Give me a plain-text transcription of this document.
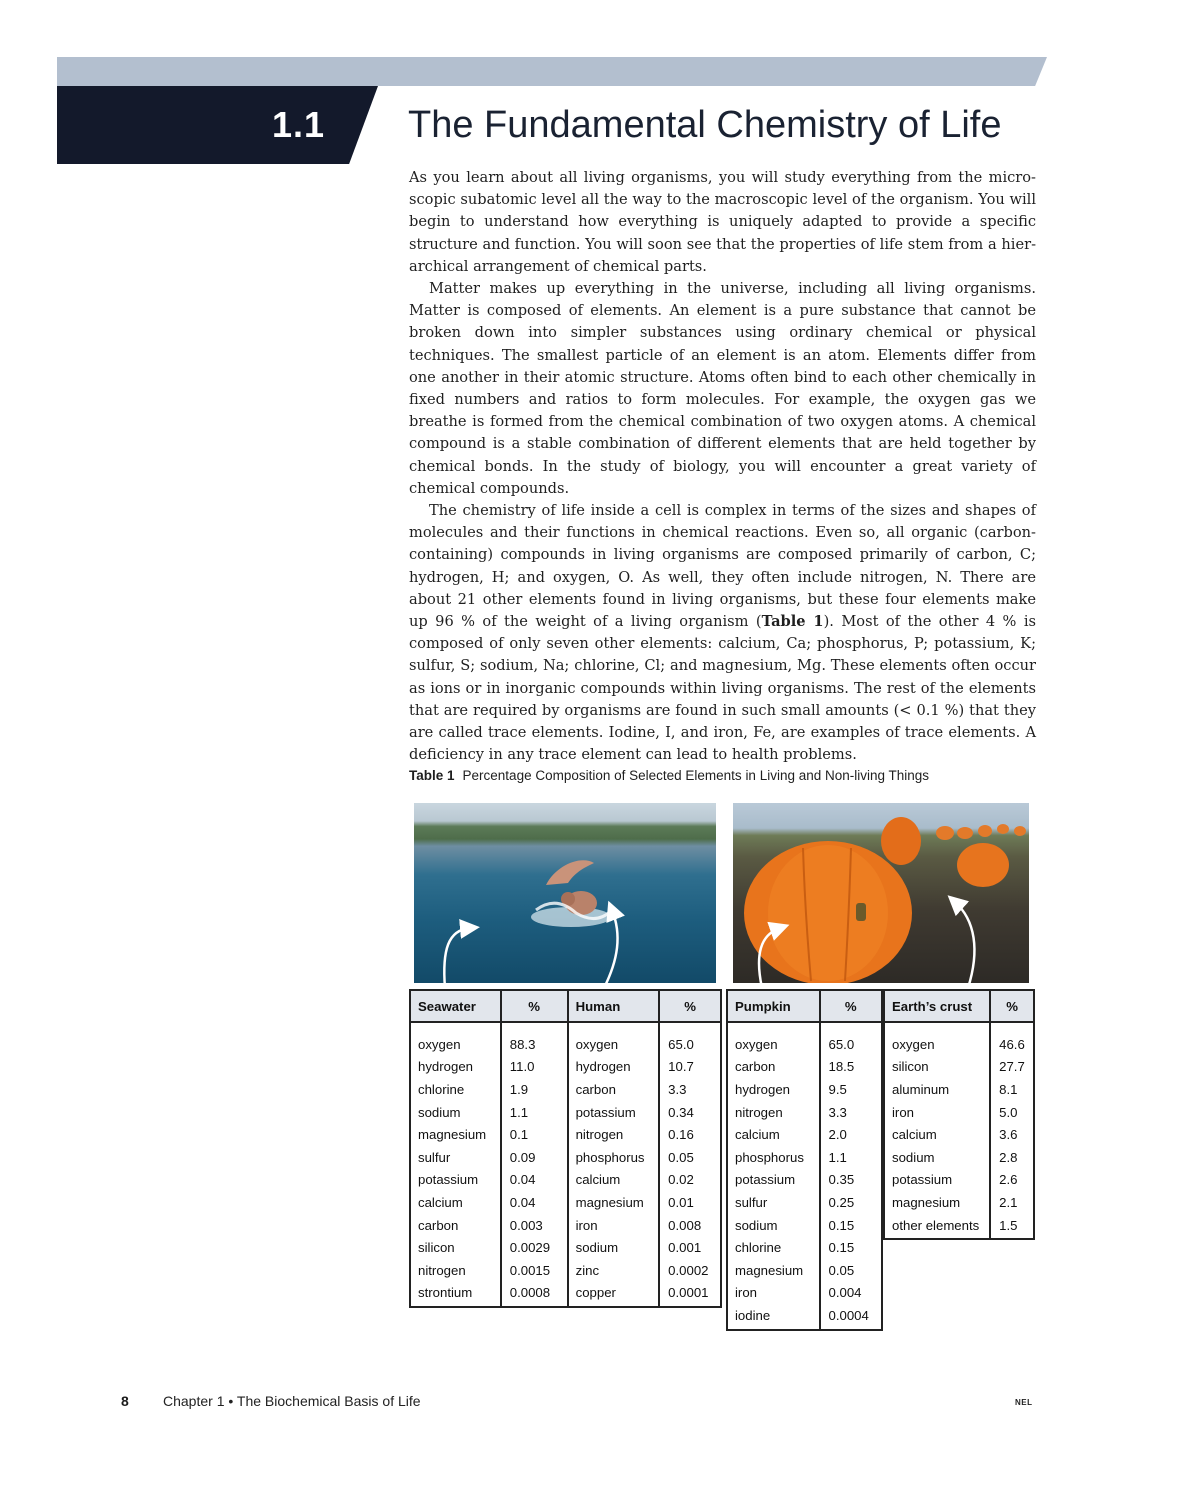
1.1 The Fundamental Chemistry of Life

As you learn about all living organisms, you will study everything from the micro-scopic subatomic level all the way to the macroscopic level of the organism. You will begin to understand how everything is uniquely adapted to provide a specific structure and function. You will soon see that the properties of life stem from a hier-archical arrangement of chemical parts.

Matter makes up everything in the universe, including all living organisms. Matter is composed of elements. An element is a pure substance that cannot be broken down into simpler substances using ordinary chemical or physical techniques. The smallest particle of an element is an atom. Elements differ from one another in their atomic structure. Atoms often bind to each other chemically in fixed numbers and ratios to form molecules. For example, the oxygen gas we breathe is formed from the chemical combination of two oxygen atoms. A chemical compound is a stable combination of different elements that are held together by chemical bonds. In the study of biology, you will encounter a great variety of chemical compounds.

The chemistry of life inside a cell is complex in terms of the sizes and shapes of molecules and their functions in chemical reactions. Even so, all organic (carbon-containing) compounds in living organisms are composed primarily of carbon, C; hydrogen, H; and oxygen, O. As well, they often include nitrogen, N. There are about 21 other elements found in living organisms, but these four elements make up 96 % of the weight of a living organism (Table 1). Most of the other 4 % is composed of only seven other elements: calcium, Ca; phosphorus, P; potassium, K; sulfur, S; sodium, Na; chlorine, Cl; and magnesium, Mg. These elements often occur as ions or in inorganic compounds within living organisms. The rest of the elements that are required by organisms are found in such small amounts (< 0.1 %) that they are called trace elements. Iodine, I, and iron, Fe, are examples of trace elements. A deficiency in any trace element can lead to health problems.

Table 1 Percentage Composition of Selected Elements in Living and Non-living Things
Seawater	%	Human	%
oxygen	88.3	oxygen	65.0
hydrogen	11.0	hydrogen	10.7
chlorine	1.9	carbon	3.3
sodium	1.1	potassium	0.34
magnesium	0.1	nitrogen	0.16
sulfur	0.09	phosphorus	0.05
potassium	0.04	calcium	0.02
calcium	0.04	magnesium	0.01
carbon	0.003	iron	0.008
silicon	0.0029	sodium	0.001
nitrogen	0.0015	zinc	0.0002
strontium	0.0008	copper	0.0001
Pumpkin	%
oxygen	65.0
carbon	18.5
hydrogen	9.5
nitrogen	3.3
calcium	2.0
phosphorus	1.1
potassium	0.35
sulfur	0.25
sodium	0.15
chlorine	0.15
magnesium	0.05
iron	0.004
iodine	0.0004
Earth’s crust	%
oxygen	46.6
silicon	27.7
aluminum	8.1
iron	5.0
calcium	3.6
sodium	2.8
potassium	2.6
magnesium	2.1
other elements	1.5
8 Chapter 1 • The Biochemical Basis of Life	NEL
